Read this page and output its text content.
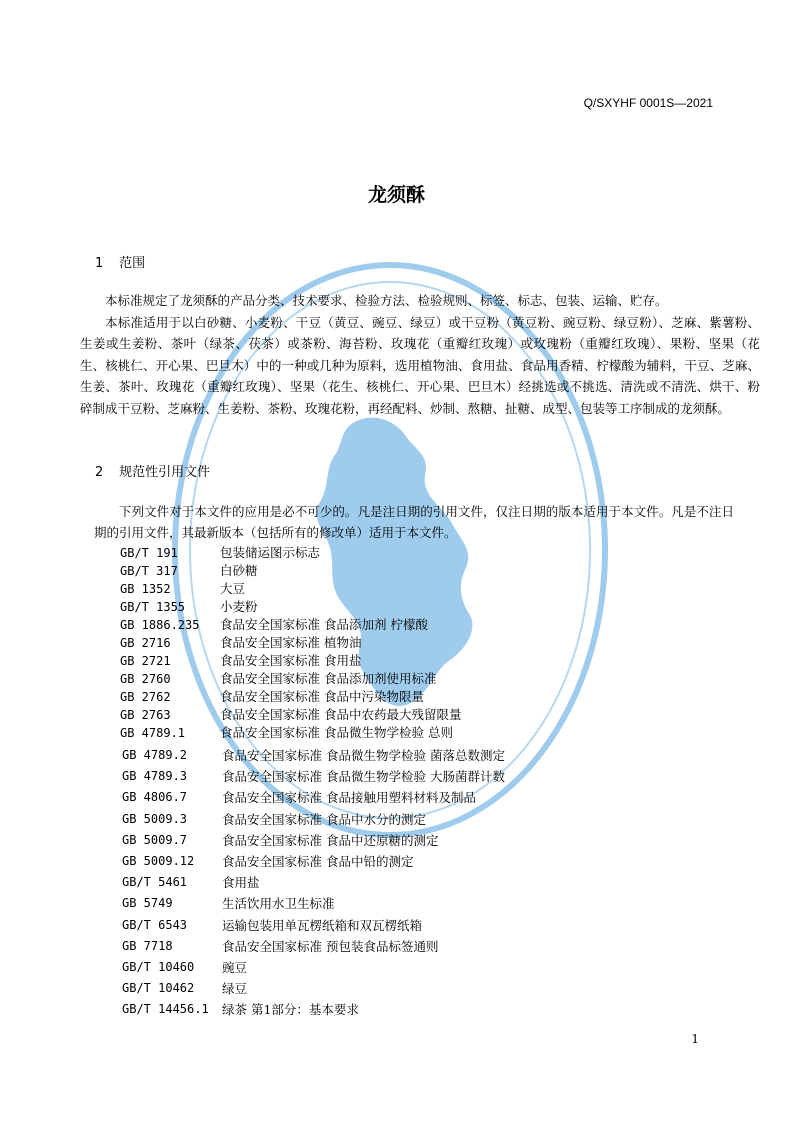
Q/SXYHF 0001S—2021
龙须酥
1 范围

本标准规定了龙须酥的产品分类、技术要求、检验方法、检验规则、标签、标志、包装、运输、贮存。

本标准适用于以白砂糖、小麦粉、干豆（黄豆、豌豆、绿豆）或干豆粉（黄豆粉、豌豆粉、绿豆粉）、芝麻、紫薯粉、生姜或生姜粉、茶叶（绿茶、茯茶）或茶粉、海苔粉、玫瑰花（重瓣红玫瑰）或玫瑰粉（重瓣红玫瑰）、果粉、坚果（花生、核桃仁、开心果、巴旦木）中的一种或几种为原料，选用植物油、食用盐、食品用香精、柠檬酸为辅料，干豆、芝麻、生姜、茶叶、玫瑰花（重瓣红玫瑰）、坚果（花生、核桃仁、开心果、巴旦木）经挑选或不挑选、清洗或不清洗、烘干、粉碎制成干豆粉、芝麻粉、生姜粉、茶粉、玫瑰花粉，再经配料、炒制、熬糖、扯糖、成型、包装等工序制成的龙须酥。

2 规范性引用文件

下列文件对于本文件的应用是必不可少的。凡是注日期的引用文件，仅注日期的版本适用于本文件。凡是不注日期的引用文件，其最新版本（包括所有的修改单）适用于本文件。

GB/T 191	包装储运图示标志
GB/T 317	白砂糖
GB 1352	大豆
GB/T 1355	小麦粉
GB 1886.235	食品安全国家标准 食品添加剂 柠檬酸
GB 2716	食品安全国家标准 植物油
GB 2721	食品安全国家标准 食用盐
GB 2760	食品安全国家标准 食品添加剂使用标准
GB 2762	食品安全国家标准 食品中污染物限量
GB 2763	食品安全国家标准 食品中农药最大残留限量
GB 4789.1	食品安全国家标准 食品微生物学检验 总则
GB 4789.2	食品安全国家标准 食品微生物学检验 菌落总数测定
GB 4789.3	食品安全国家标准 食品微生物学检验 大肠菌群计数
GB 4806.7	食品安全国家标准 食品接触用塑料材料及制品
GB 5009.3	食品安全国家标准 食品中水分的测定
GB 5009.7	食品安全国家标准 食品中还原糖的测定
GB 5009.12	食品安全国家标准 食品中铅的测定
GB/T 5461	食用盐
GB 5749	生活饮用水卫生标准
GB/T 6543	运输包装用单瓦楞纸箱和双瓦楞纸箱
GB 7718	食品安全国家标准 预包装食品标签通则
GB/T 10460	豌豆
GB/T 10462	绿豆
GB/T 14456.1	绿茶 第1部分：基本要求
1
